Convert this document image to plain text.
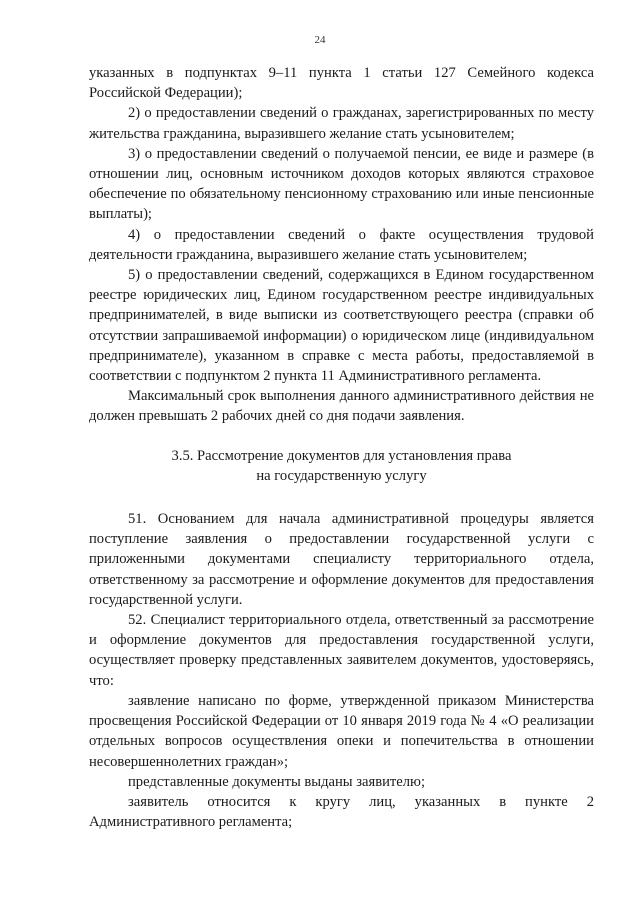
24

указанных в подпунктах 9–11 пункта 1 статьи 127 Семейного кодекса Российской Федерации);

2) о предоставлении сведений о гражданах, зарегистрированных по месту жительства гражданина, выразившего желание стать усыновителем;

3) о предоставлении сведений о получаемой пенсии, ее виде и размере (в отношении лиц, основным источником доходов которых являются страховое обеспечение по обязательному пенсионному страхованию или иные пенсионные выплаты);

4) о предоставлении сведений о факте осуществления трудовой деятельности гражданина, выразившего желание стать усыновителем;

5) о предоставлении сведений, содержащихся в Едином государственном реестре юридических лиц, Едином государственном реестре индивидуальных предпринимателей, в виде выписки из соответствующего реестра (справки об отсутствии запрашиваемой информации) о юридическом лице (индивидуальном предпринимателе), указанном в справке с места работы, предоставляемой в соответствии с подпунктом 2 пункта 11 Административного регламента.

Максимальный срок выполнения данного административного действия не должен превышать 2 рабочих дней со дня подачи заявления.

3.5. Рассмотрение документов для установления права
на государственную услугу

51. Основанием для начала административной процедуры является поступление заявления о предоставлении государственной услуги с приложенными документами специалисту территориального отдела, ответственному за рассмотрение и оформление документов для предоставления государственной услуги.

52. Специалист территориального отдела, ответственный за рассмотрение и оформление документов для предоставления государственной услуги, осуществляет проверку представленных заявителем документов, удостоверяясь, что:

заявление написано по форме, утвержденной приказом Министерства просвещения Российской Федерации от 10 января 2019 года № 4 «О реализации отдельных вопросов осуществления опеки и попечительства в отношении несовершеннолетних граждан»;

представленные документы выданы заявителю;

заявитель относится к кругу лиц, указанных в пункте 2 Административного регламента;
